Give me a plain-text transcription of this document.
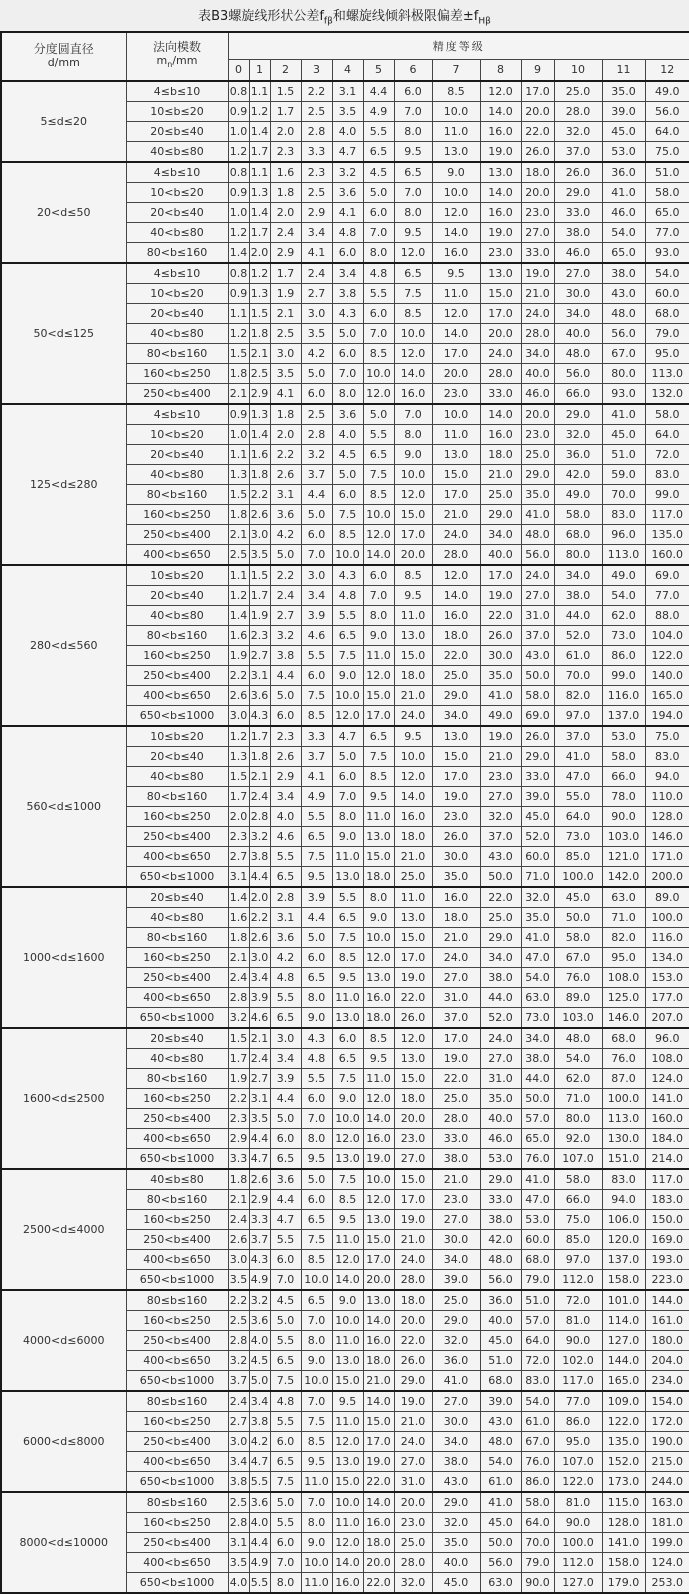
表B3螺旋线形状公差$f_{f\beta}$和螺旋线倾斜极限偏差$\pm f_{H\beta}$
分度圆直径
d/mm

法向模数
$m_n/mm$
	精度等级
		0	1	2	3	4	5	6	7	8	9	10	11	12
5≤d≤20	4≤b≤10	0.8	1.1	1.5	2.2	3.1	4.4	6.0	8.5	12.0	17.0	25.0	35.0	49.0
	10≤b≤20	0.9	1.2	1.7	2.5	3.5	4.9	7.0	10.0	14.0	20.0	28.0	39.0	56.0
	20≤b≤40	1.0	1.4	2.0	2.8	4.0	5.5	8.0	11.0	16.0	22.0	32.0	45.0	64.0
	40≤b≤80	1.2	1.7	2.3	3.3	4.7	6.5	9.5	13.0	19.0	26.0	37.0	53.0	75.0
20<d≤50	4≤b≤10	0.8	1.1	1.6	2.3	3.2	4.5	6.5	9.0	13.0	18.0	26.0	36.0	51.0
	10<b≤20	0.9	1.3	1.8	2.5	3.6	5.0	7.0	10.0	14.0	20.0	29.0	41.0	58.0
	20<b≤40	1.0	1.4	2.0	2.9	4.1	6.0	8.0	12.0	16.0	23.0	33.0	46.0	65.0
	40<b≤80	1.2	1.7	2.4	3.4	4.8	7.0	9.5	14.0	19.0	27.0	38.0	54.0	77.0
	80<b≤160	1.4	2.0	2.9	4.1	6.0	8.0	12.0	16.0	23.0	33.0	46.0	65.0	93.0
50<d≤125	4≤b≤10	0.8	1.2	1.7	2.4	3.4	4.8	6.5	9.5	13.0	19.0	27.0	38.0	54.0
	10<b≤20	0.9	1.3	1.9	2.7	3.8	5.5	7.5	11.0	15.0	21.0	30.0	43.0	60.0
	20<b≤40	1.1	1.5	2.1	3.0	4.3	6.0	8.5	12.0	17.0	24.0	34.0	48.0	68.0
	40<b≤80	1.2	1.8	2.5	3.5	5.0	7.0	10.0	14.0	20.0	28.0	40.0	56.0	79.0
	80<b≤160	1.5	2.1	3.0	4.2	6.0	8.5	12.0	17.0	24.0	34.0	48.0	67.0	95.0
	160<b≤250	1.8	2.5	3.5	5.0	7.0	10.0	14.0	20.0	28.0	40.0	56.0	80.0	113.0
	250<b≤400	2.1	2.9	4.1	6.0	8.0	12.0	16.0	23.0	33.0	46.0	66.0	93.0	132.0
125<d≤280	4≤b≤10	0.9	1.3	1.8	2.5	3.6	5.0	7.0	10.0	14.0	20.0	29.0	41.0	58.0
	10<b≤20	1.0	1.4	2.0	2.8	4.0	5.5	8.0	11.0	16.0	23.0	32.0	45.0	64.0
	20<b≤40	1.1	1.6	2.2	3.2	4.5	6.5	9.0	13.0	18.0	25.0	36.0	51.0	72.0
	40<b≤80	1.3	1.8	2.6	3.7	5.0	7.5	10.0	15.0	21.0	29.0	42.0	59.0	83.0
	80<b≤160	1.5	2.2	3.1	4.4	6.0	8.5	12.0	17.0	25.0	35.0	49.0	70.0	99.0
	160<b≤250	1.8	2.6	3.6	5.0	7.5	10.0	15.0	21.0	29.0	41.0	58.0	83.0	117.0
	250<b≤400	2.1	3.0	4.2	6.0	8.5	12.0	17.0	24.0	34.0	48.0	68.0	96.0	135.0
	400<b≤650	2.5	3.5	5.0	7.0	10.0	14.0	20.0	28.0	40.0	56.0	80.0	113.0	160.0
280<d≤560	10≤b≤20	1.1	1.5	2.2	3.0	4.3	6.0	8.5	12.0	17.0	24.0	34.0	49.0	69.0
	20<b≤40	1.2	1.7	2.4	3.4	4.8	7.0	9.5	14.0	19.0	27.0	38.0	54.0	77.0
	40<b≤80	1.4	1.9	2.7	3.9	5.5	8.0	11.0	16.0	22.0	31.0	44.0	62.0	88.0
	80<b≤160	1.6	2.3	3.2	4.6	6.5	9.0	13.0	18.0	26.0	37.0	52.0	73.0	104.0
	160<b≤250	1.9	2.7	3.8	5.5	7.5	11.0	15.0	22.0	30.0	43.0	61.0	86.0	122.0
	250<b≤400	2.2	3.1	4.4	6.0	9.0	12.0	18.0	25.0	35.0	50.0	70.0	99.0	140.0
	400<b≤650	2.6	3.6	5.0	7.5	10.0	15.0	21.0	29.0	41.0	58.0	82.0	116.0	165.0
	650<b≤1000	3.0	4.3	6.0	8.5	12.0	17.0	24.0	34.0	49.0	69.0	97.0	137.0	194.0
560<d≤1000	10≤b≤20	1.2	1.7	2.3	3.3	4.7	6.5	9.5	13.0	19.0	26.0	37.0	53.0	75.0
	20<b≤40	1.3	1.8	2.6	3.7	5.0	7.5	10.0	15.0	21.0	29.0	41.0	58.0	83.0
	40<b≤80	1.5	2.1	2.9	4.1	6.0	8.5	12.0	17.0	23.0	33.0	47.0	66.0	94.0
	80<b≤160	1.7	2.4	3.4	4.9	7.0	9.5	14.0	19.0	27.0	39.0	55.0	78.0	110.0
	160<b≤250	2.0	2.8	4.0	5.5	8.0	11.0	16.0	23.0	32.0	45.0	64.0	90.0	128.0
	250<b≤400	2.3	3.2	4.6	6.5	9.0	13.0	18.0	26.0	37.0	52.0	73.0	103.0	146.0
	400<b≤650	2.7	3.8	5.5	7.5	11.0	15.0	21.0	30.0	43.0	60.0	85.0	121.0	171.0
	650<b≤1000	3.1	4.4	6.5	9.5	13.0	18.0	25.0	35.0	50.0	71.0	100.0	142.0	200.0
1000<d≤1600	20≤b≤40	1.4	2.0	2.8	3.9	5.5	8.0	11.0	16.0	22.0	32.0	45.0	63.0	89.0
	40<b≤80	1.6	2.2	3.1	4.4	6.5	9.0	13.0	18.0	25.0	35.0	50.0	71.0	100.0
	80<b≤160	1.8	2.6	3.6	5.0	7.5	10.0	15.0	21.0	29.0	41.0	58.0	82.0	116.0
	160<b≤250	2.1	3.0	4.2	6.0	8.5	12.0	17.0	24.0	34.0	47.0	67.0	95.0	134.0
	250<b≤400	2.4	3.4	4.8	6.5	9.5	13.0	19.0	27.0	38.0	54.0	76.0	108.0	153.0
	400<b≤650	2.8	3.9	5.5	8.0	11.0	16.0	22.0	31.0	44.0	63.0	89.0	125.0	177.0
	650<b≤1000	3.2	4.6	6.5	9.0	13.0	18.0	26.0	37.0	52.0	73.0	103.0	146.0	207.0
1600<d≤2500	20≤b≤40	1.5	2.1	3.0	4.3	6.0	8.5	12.0	17.0	24.0	34.0	48.0	68.0	96.0
	40<b≤80	1.7	2.4	3.4	4.8	6.5	9.5	13.0	19.0	27.0	38.0	54.0	76.0	108.0
	80<b≤160	1.9	2.7	3.9	5.5	7.5	11.0	15.0	22.0	31.0	44.0	62.0	87.0	124.0
	160<b≤250	2.2	3.1	4.4	6.0	9.0	12.0	18.0	25.0	35.0	50.0	71.0	100.0	141.0
	250<b≤400	2.3	3.5	5.0	7.0	10.0	14.0	20.0	28.0	40.0	57.0	80.0	113.0	160.0
	400<b≤650	2.9	4.4	6.0	8.0	12.0	16.0	23.0	33.0	46.0	65.0	92.0	130.0	184.0
	650<b≤1000	3.3	4.7	6.5	9.5	13.0	19.0	27.0	38.0	53.0	76.0	107.0	151.0	214.0
2500<d≤4000	40≤b≤80	1.8	2.6	3.6	5.0	7.5	10.0	15.0	21.0	29.0	41.0	58.0	83.0	117.0
	80<b≤160	2.1	2.9	4.4	6.0	8.5	12.0	17.0	23.0	33.0	47.0	66.0	94.0	183.0
	160<b≤250	2.4	3.3	4.7	6.5	9.5	13.0	19.0	27.0	38.0	53.0	75.0	106.0	150.0
	250<b≤400	2.6	3.7	5.5	7.5	11.0	15.0	21.0	30.0	42.0	60.0	85.0	120.0	169.0
	400<b≤650	3.0	4.3	6.0	8.5	12.0	17.0	24.0	34.0	48.0	68.0	97.0	137.0	193.0
	650<b≤1000	3.5	4.9	7.0	10.0	14.0	20.0	28.0	39.0	56.0	79.0	112.0	158.0	223.0
4000<d≤6000	80≤b≤160	2.2	3.2	4.5	6.5	9.0	13.0	18.0	25.0	36.0	51.0	72.0	101.0	144.0
	160<b≤250	2.5	3.6	5.0	7.0	10.0	14.0	20.0	29.0	40.0	57.0	81.0	114.0	161.0
	250<b≤400	2.8	4.0	5.5	8.0	11.0	16.0	22.0	32.0	45.0	64.0	90.0	127.0	180.0
	400<b≤650	3.2	4.5	6.5	9.0	13.0	18.0	26.0	36.0	51.0	72.0	102.0	144.0	204.0
	650<b≤1000	3.7	5.0	7.5	10.0	15.0	21.0	29.0	41.0	68.0	83.0	117.0	165.0	234.0
6000<d≤8000	80≤b≤160	2.4	3.4	4.8	7.0	9.5	14.0	19.0	27.0	39.0	54.0	77.0	109.0	154.0
	160<b≤250	2.7	3.8	5.5	7.5	11.0	15.0	21.0	30.0	43.0	61.0	86.0	122.0	172.0
	250<b≤400	3.0	4.2	6.0	8.5	12.0	17.0	24.0	34.0	48.0	67.0	95.0	135.0	190.0
	400<b≤650	3.4	4.7	6.5	9.5	13.0	19.0	27.0	38.0	54.0	76.0	107.0	152.0	215.0
	650<b≤1000	3.8	5.5	7.5	11.0	15.0	22.0	31.0	43.0	61.0	86.0	122.0	173.0	244.0
8000<d≤10000	80≤b≤160	2.5	3.6	5.0	7.0	10.0	14.0	20.0	29.0	41.0	58.0	81.0	115.0	163.0
	160<b≤250	2.8	4.0	5.5	8.0	11.0	16.0	23.0	32.0	45.0	64.0	90.0	128.0	181.0
	250<b≤400	3.1	4.4	6.0	9.0	12.0	18.0	25.0	35.0	50.0	70.0	100.0	141.0	199.0
	400<b≤650	3.5	4.9	7.0	10.0	14.0	20.0	28.0	40.0	56.0	79.0	112.0	158.0	124.0
	650<b≤1000	4.0	5.5	8.0	11.0	16.0	22.0	32.0	45.0	63.0	90.0	127.0	179.0	253.0
